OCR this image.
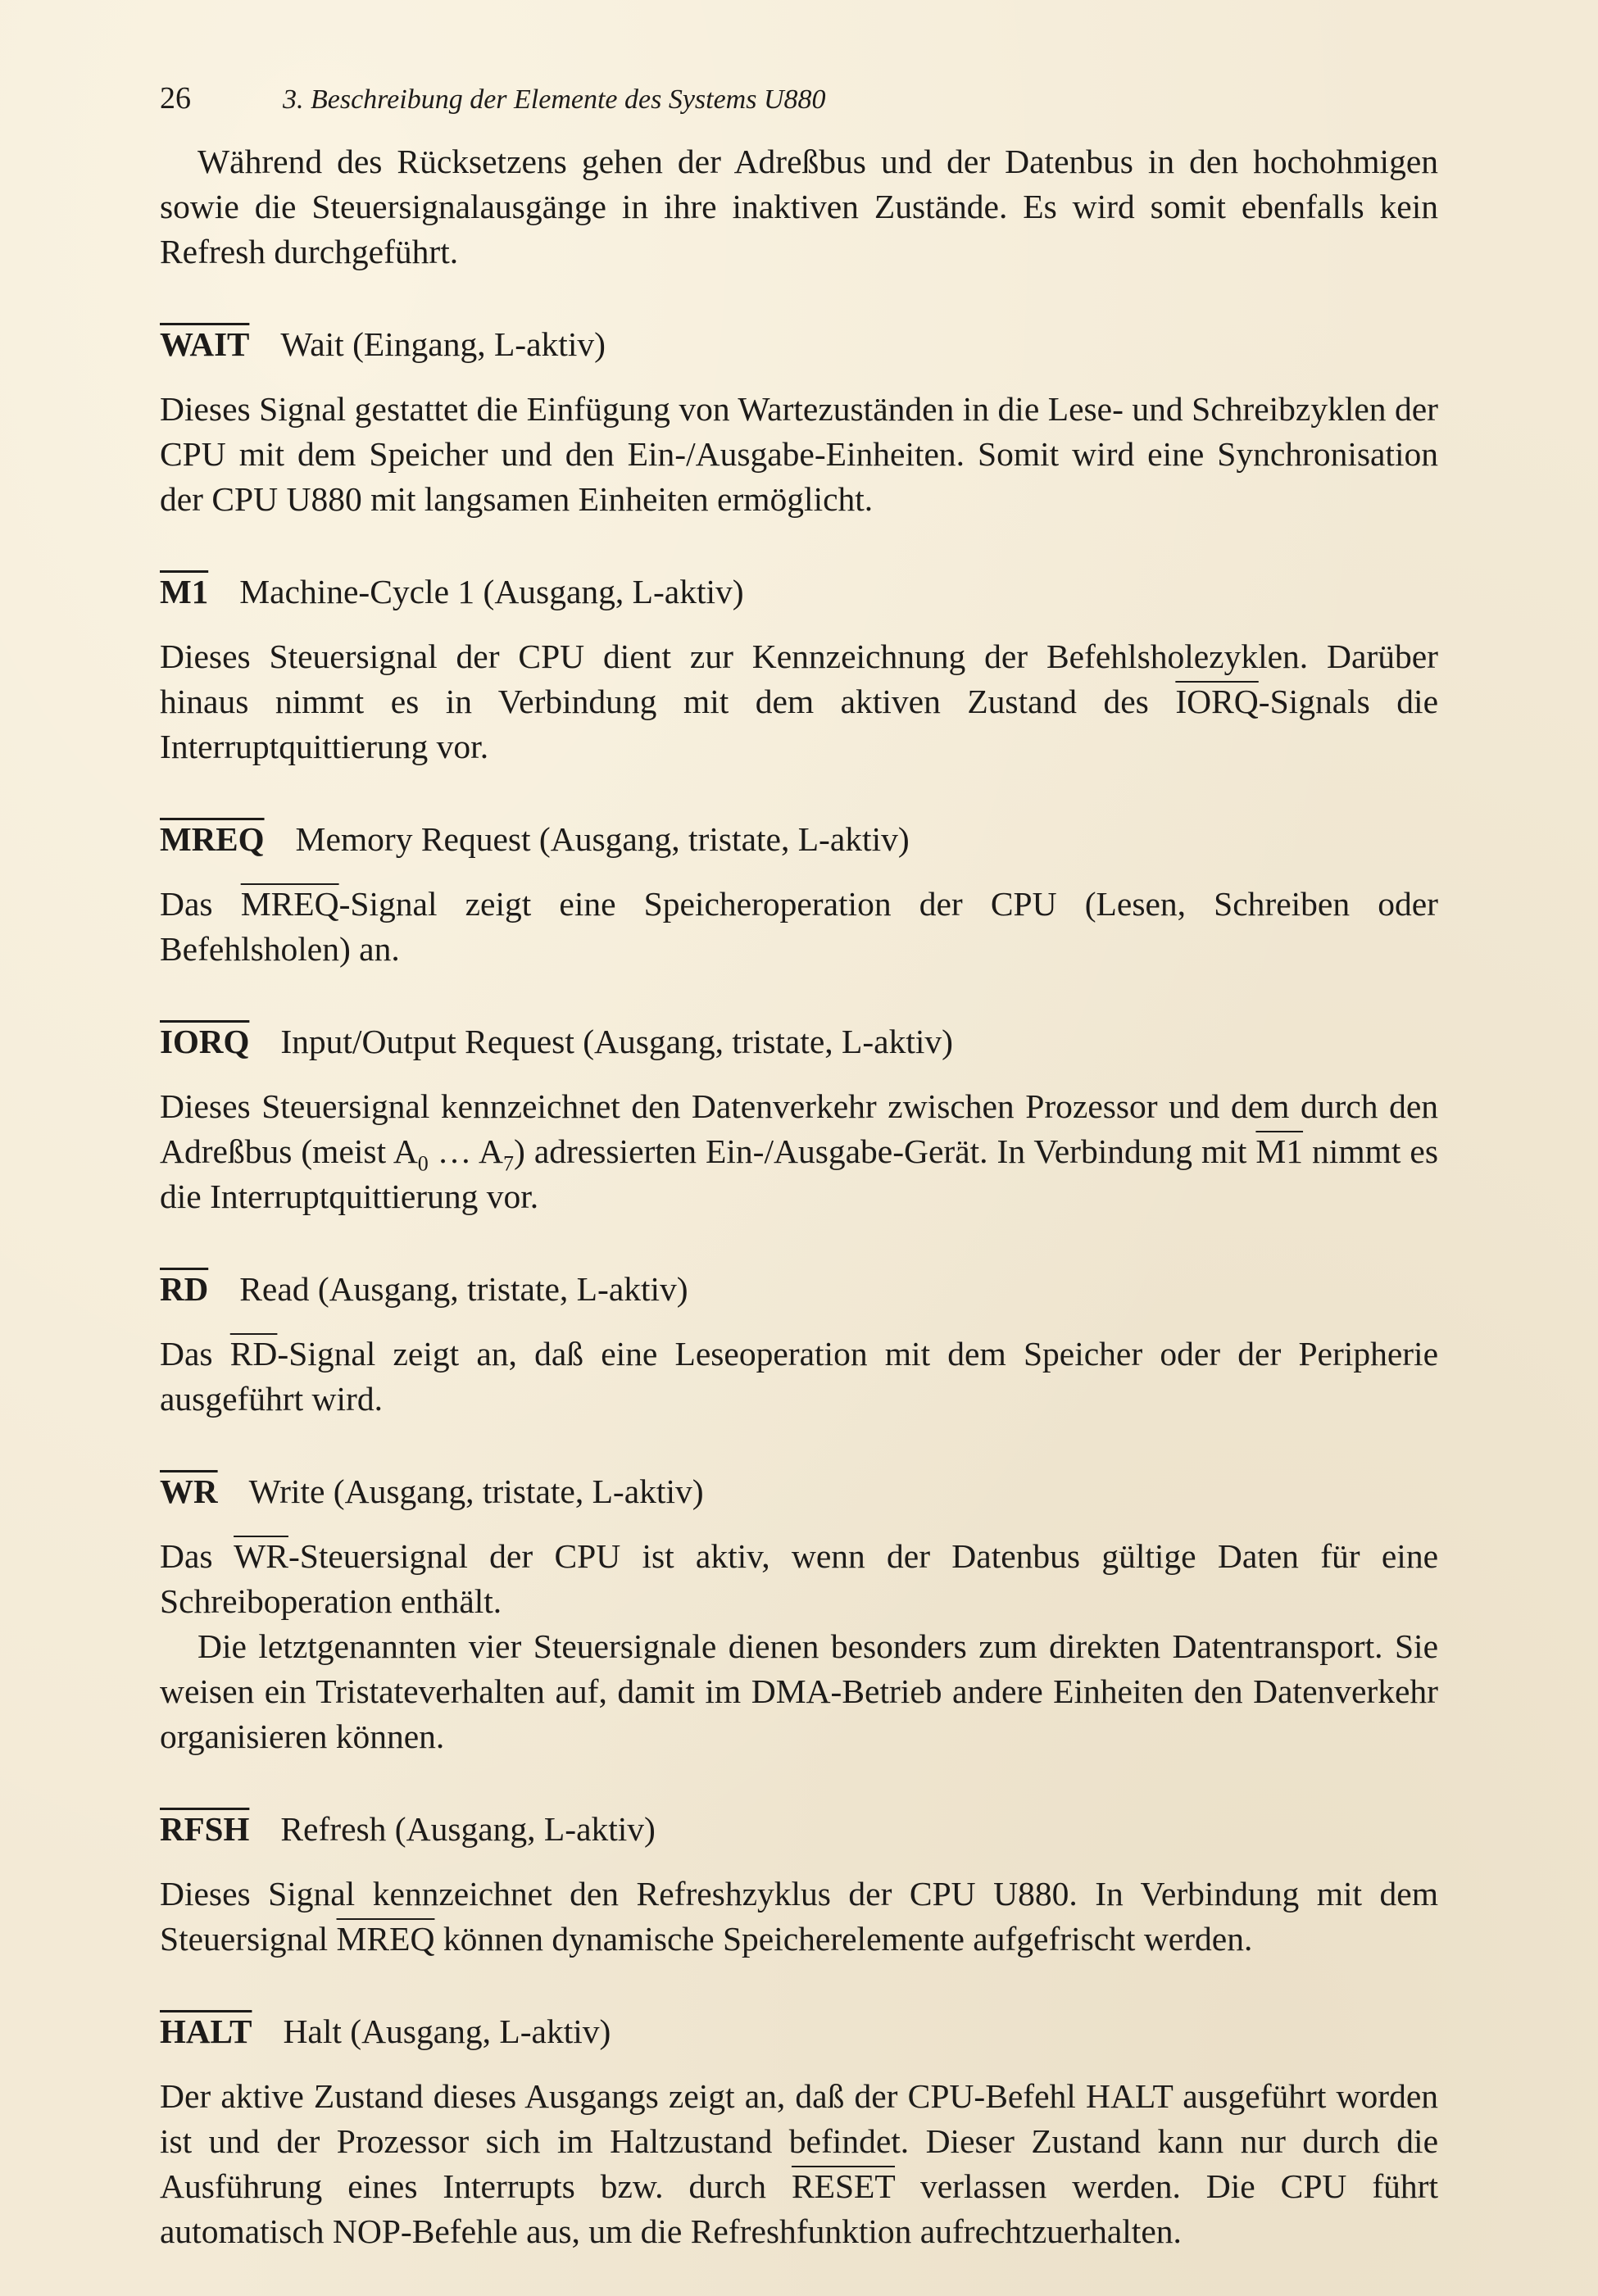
26	3. Beschreibung der Elemente des Systems U880

Während des Rücksetzens gehen der Adreßbus und der Datenbus in den hochohmigen sowie die Steuersignalausgänge in ihre inaktiven Zustände. Es wird somit ebenfalls kein Refresh durchgeführt.

WAIT Wait (Eingang, L-aktiv)

Dieses Signal gestattet die Einfügung von Wartezuständen in die Lese- und Schreibzyklen der CPU mit dem Speicher und den Ein-/Ausgabe-Einheiten. Somit wird eine Synchronisation der CPU U880 mit langsamen Einheiten ermöglicht.

M1 Machine-Cycle 1 (Ausgang, L-aktiv)

Dieses Steuersignal der CPU dient zur Kennzeichnung der Befehlsholezyklen. Darüber hinaus nimmt es in Verbindung mit dem aktiven Zustand des IORQ-Signals die Interruptquittierung vor.

MREQ Memory Request (Ausgang, tristate, L-aktiv)

Das MREQ-Signal zeigt eine Speicheroperation der CPU (Lesen, Schreiben oder Befehlsholen) an.

IORQ Input/Output Request (Ausgang, tristate, L-aktiv)

Dieses Steuersignal kennzeichnet den Datenverkehr zwischen Prozessor und dem durch den Adreßbus (meist $A_0$ … $A_7$) adressierten Ein-/Ausgabe-Gerät. In Verbindung mit M1 nimmt es die Interruptquittierung vor.

$\overline{RD}$ Read (Ausgang, tristate, L-aktiv)

Das $\overline{RD}$-Signal zeigt an, daß eine Leseoperation mit dem Speicher oder der Peripherie ausgeführt wird.

$\overline{WR}$ Write (Ausgang, tristate, L-aktiv)

Das $\overline{WR}$-Steuersignal der CPU ist aktiv, wenn der Datenbus gültige Daten für eine Schreiboperation enthält.

Die letztgenannten vier Steuersignale dienen besonders zum direkten Datentransport. Sie weisen ein Tristateverhalten auf, damit im DMA-Betrieb andere Einheiten den Datenverkehr organisieren können.

RFSH Refresh (Ausgang, L-aktiv)

Dieses Signal kennzeichnet den Refreshzyklus der CPU U880. In Verbindung mit dem Steuersignal MREQ können dynamische Speicherelemente aufgefrischt werden.

HALT Halt (Ausgang, L-aktiv)

Der aktive Zustand dieses Ausgangs zeigt an, daß der CPU-Befehl HALT ausgeführt worden ist und der Prozessor sich im Haltzustand befindet. Dieser Zustand kann nur durch die Ausführung eines Interrupts bzw. durch RESET verlassen werden. Die CPU führt automatisch NOP-Befehle aus, um die Refreshfunktion aufrechtzuerhalten.
